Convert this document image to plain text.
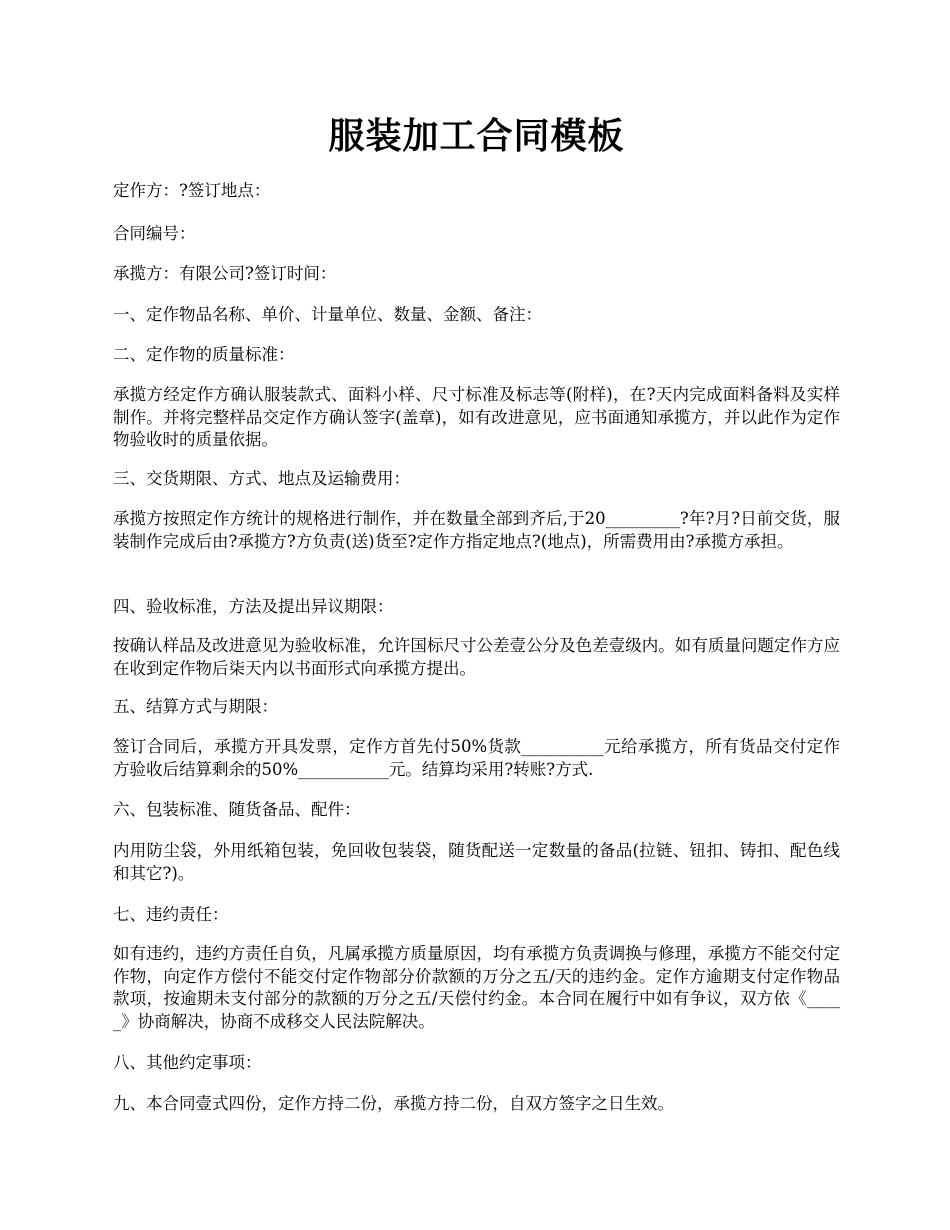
服装加工合同模板

定作方：?签订地点：

合同编号：

承揽方：有限公司?签订时间：

一、定作物品名称、单价、计量单位、数量、金额、备注：

二、定作物的质量标准：

承揽方经定作方确认服装款式、面料小样、尺寸标准及标志等(附样)，在?天内完成面料备料及实样制作。并将完整样品交定作方确认签字(盖章)，如有改进意见，应书面通知承揽方，并以此作为定作物验收时的质量依据。

三、交货期限、方式、地点及运输费用：

承揽方按照定作方统计的规格进行制作，并在数量全部到齐后,于20_________?年?月?日前交货，服装制作完成后由?承揽方?方负责(送)货至?定作方指定地点?(地点)，所需费用由?承揽方承担。

四、验收标准，方法及提出异议期限：

按确认样品及改进意见为验收标准，允许国标尺寸公差壹公分及色差壹级内。如有质量问题定作方应在收到定作物后柒天内以书面形式向承揽方提出。

五、结算方式与期限：

签订合同后，承揽方开具发票，定作方首先付50%货款__________元给承揽方，所有货品交付定作方验收后结算剩余的50%___________元。结算均采用?转账?方式.

六、包装标准、随货备品、配件：

内用防尘袋，外用纸箱包装，免回收包装袋，随货配送一定数量的备品(拉链、钮扣、铸扣、配色线和其它?)。

七、违约责任：

如有违约，违约方责任自负，凡属承揽方质量原因，均有承揽方负责调换与修理，承揽方不能交付定作物，向定作方偿付不能交付定作物部分价款额的万分之五/天的违约金。定作方逾期支付定作物品款项，按逾期未支付部分的款额的万分之五/天偿付约金。本合同在履行中如有争议，双方依《_____》协商解决，协商不成移交人民法院解决。

八、其他约定事项：

九、本合同壹式四份，定作方持二份，承揽方持二份，自双方签字之日生效。
